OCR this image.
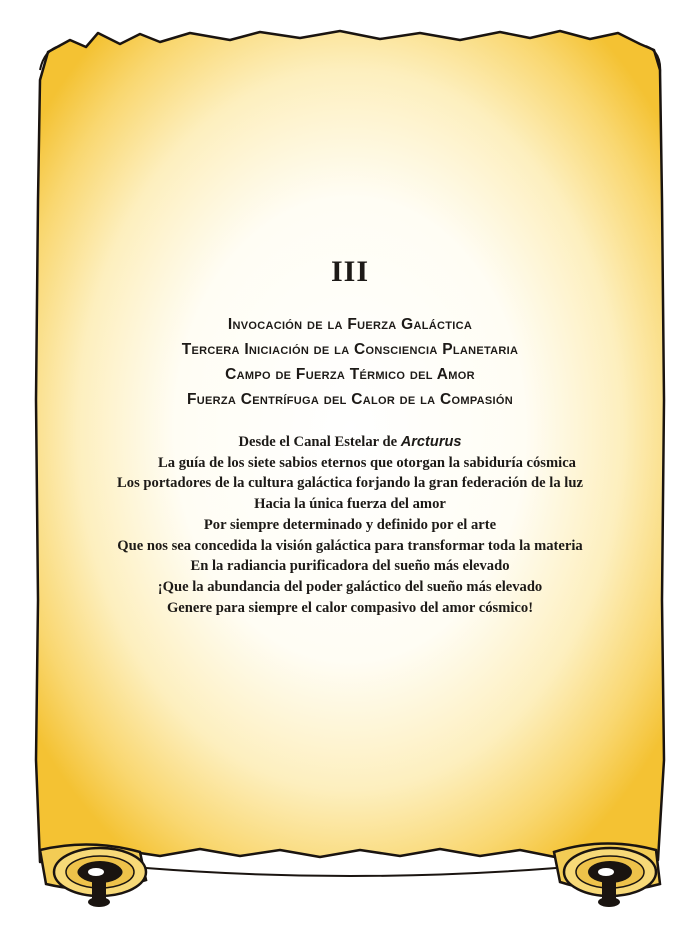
III
Invocación de la Fuerza Galáctica
Tercera Iniciación de la Consciencia Planetaria
Campo de Fuerza Térmico del Amor
Fuerza Centrífuga del Calor de la Compasión
Desde el Canal Estelar de Arcturus
La guía de los siete sabios eternos que otorgan la sabiduría cósmica
Los portadores de la cultura galáctica forjando la gran federación de la luz
Hacia la única fuerza del amor
Por siempre determinado y definido por el arte
Que nos sea concedida la visión galáctica para transformar toda la materia
En la radiancia purificadora del sueño más elevado
¡Que la abundancia del poder galáctico del sueño más elevado
Genere para siempre el calor compasivo del amor cósmico!
